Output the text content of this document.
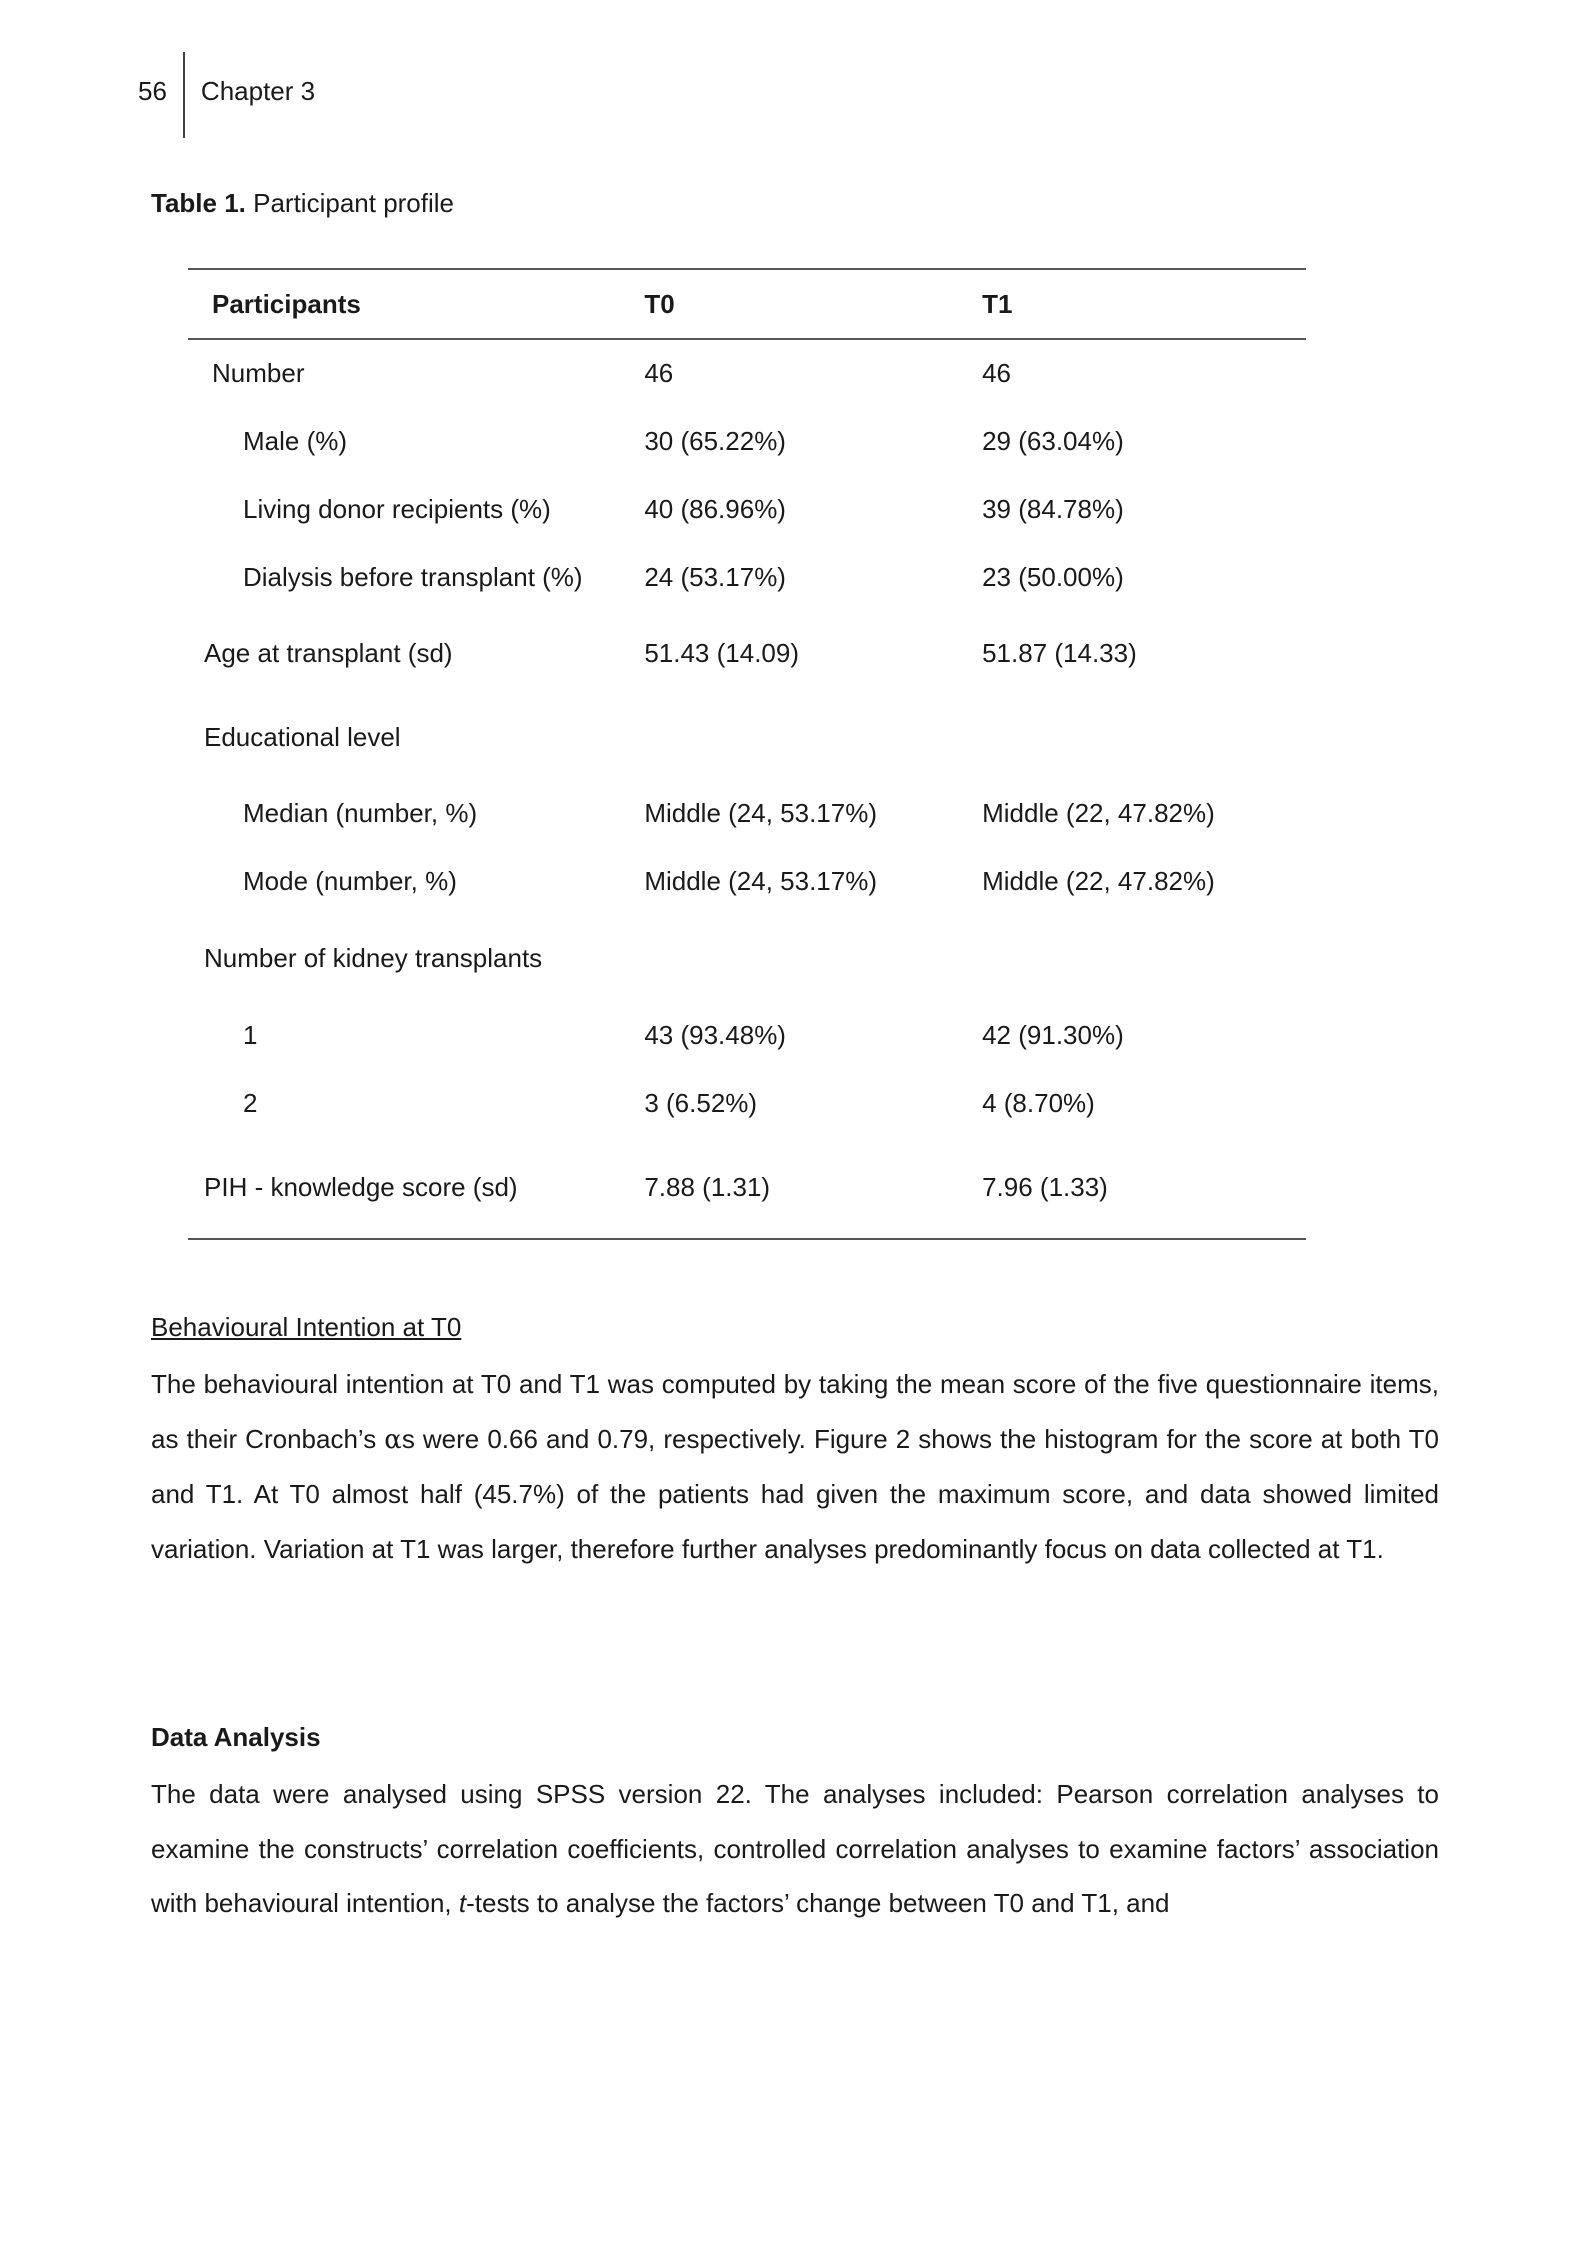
56	Chapter 3
Table 1. Participant profile
Participants	T0	T1
Number	46	46
Male (%)	30 (65.22%)	29 (63.04%)
Living donor recipients (%)	40 (86.96%)	39 (84.78%)
Dialysis before transplant (%)	24 (53.17%)	23 (50.00%)
Age at transplant (sd)	51.43 (14.09)	51.87 (14.33)
Educational level		
Median (number, %)	Middle (24, 53.17%)	Middle (22, 47.82%)
Mode (number, %)	Middle (24, 53.17%)	Middle (22, 47.82%)
Number of kidney transplants		
1	43 (93.48%)	42 (91.30%)
2	3 (6.52%)	4 (8.70%)
PIH - knowledge score (sd)	7.88 (1.31)	7.96 (1.33)
Behavioural Intention at T0

The behavioural intention at T0 and T1 was computed by taking the mean score of the five questionnaire items, as their Cronbach’s αs were 0.66 and 0.79, respectively. Figure 2 shows the histogram for the score at both T0 and T1. At T0 almost half (45.7%) of the patients had given the maximum score, and data showed limited variation. Variation at T1 was larger, therefore further analyses predominantly focus on data collected at T1.

Data Analysis

The data were analysed using SPSS version 22. The analyses included: Pearson correlation analyses to examine the constructs’ correlation coefficients, controlled correlation analyses to examine factors’ association with behavioural intention, t-tests to analyse the factors’ change between T0 and T1, and
